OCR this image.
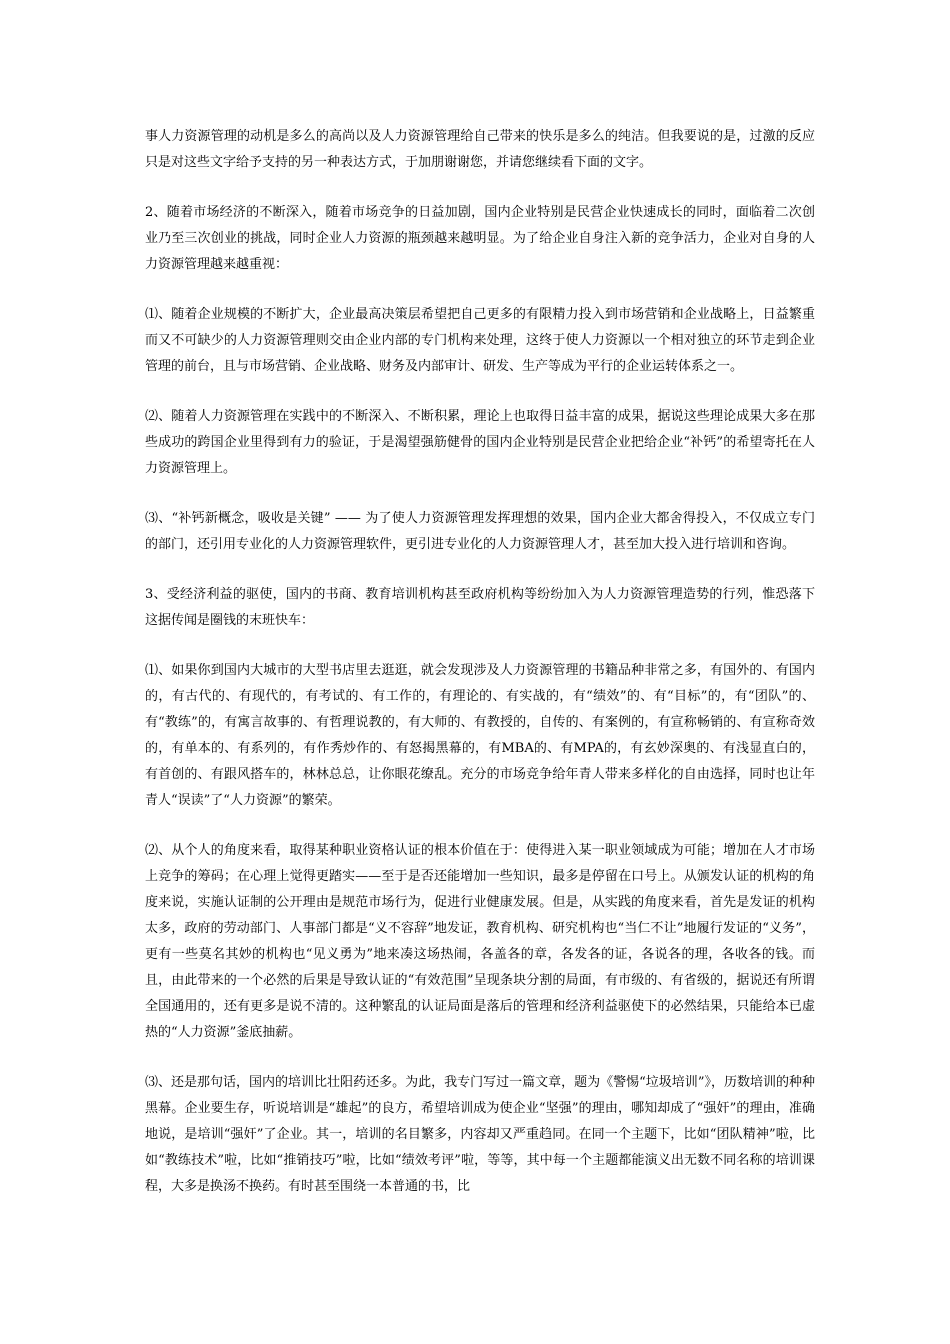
事人力资源管理的动机是多么的高尚以及人力资源管理给自己带来的快乐是多么的纯洁。但我要说的是，过激的反应只是对这些文字给予支持的另一种表达方式，于加朋谢谢您，并请您继续看下面的文字。

2、随着市场经济的不断深入，随着市场竞争的日益加剧，国内企业特别是民营企业快速成长的同时，面临着二次创业乃至三次创业的挑战，同时企业人力资源的瓶颈越来越明显。为了给企业自身注入新的竞争活力，企业对自身的人力资源管理越来越重视：

⑴、随着企业规模的不断扩大，企业最高决策层希望把自己更多的有限精力投入到市场营销和企业战略上，日益繁重而又不可缺少的人力资源管理则交由企业内部的专门机构来处理，这终于使人力资源以一个相对独立的环节走到企业管理的前台，且与市场营销、企业战略、财务及内部审计、研发、生产等成为平行的企业运转体系之一。

⑵、随着人力资源管理在实践中的不断深入、不断积累，理论上也取得日益丰富的成果，据说这些理论成果大多在那些成功的跨国企业里得到有力的验证，于是渴望强筋健骨的国内企业特别是民营企业把给企业“补钙”的希望寄托在人力资源管理上。

⑶、“补钙新概念，吸收是关键” —— 为了使人力资源管理发挥理想的效果，国内企业大都舍得投入，不仅成立专门的部门，还引用专业化的人力资源管理软件，更引进专业化的人力资源管理人才，甚至加大投入进行培训和咨询。

3、受经济利益的驱使，国内的书商、教育培训机构甚至政府机构等纷纷加入为人力资源管理造势的行列，惟恐落下这据传闻是圈钱的末班快车：

⑴、如果你到国内大城市的大型书店里去逛逛，就会发现涉及人力资源管理的书籍品种非常之多，有国外的、有国内的，有古代的、有现代的，有考试的、有工作的，有理论的、有实战的，有“绩效”的、有“目标”的，有“团队”的、有“教练”的，有寓言故事的、有哲理说教的，有大师的、有教授的，自传的、有案例的，有宣称畅销的、有宣称奇效的，有单本的、有系列的，有作秀炒作的、有怒揭黑幕的，有MBA的、有MPA的，有玄妙深奥的、有浅显直白的，有首创的、有跟风搭车的，林林总总，让你眼花缭乱。充分的市场竞争给年青人带来多样化的自由选择，同时也让年青人“误读”了“人力资源”的繁荣。

⑵、从个人的角度来看，取得某种职业资格认证的根本价值在于：使得进入某一职业领域成为可能；增加在人才市场上竞争的筹码；在心理上觉得更踏实——至于是否还能增加一些知识，最多是停留在口号上。从颁发认证的机构的角度来说，实施认证制的公开理由是规范市场行为，促进行业健康发展。但是，从实践的角度来看，首先是发证的机构太多，政府的劳动部门、人事部门都是“义不容辞”地发证，教育机构、研究机构也“当仁不让”地履行发证的“义务”，更有一些莫名其妙的机构也“见义勇为”地来凑这场热闹，各盖各的章，各发各的证，各说各的理，各收各的钱。而且，由此带来的一个必然的后果是导致认证的“有效范围”呈现条块分割的局面，有市级的、有省级的，据说还有所谓全国通用的，还有更多是说不清的。这种繁乱的认证局面是落后的管理和经济利益驱使下的必然结果，只能给本已虚热的“人力资源”釜底抽薪。

⑶、还是那句话，国内的培训比壮阳药还多。为此，我专门写过一篇文章，题为《警惕“垃圾培训”》，历数培训的种种黑幕。企业要生存，听说培训是“雄起”的良方，希望培训成为使企业“坚强”的理由，哪知却成了“强奸”的理由，准确地说，是培训“强奸”了企业。其一，培训的名目繁多，内容却又严重趋同。在同一个主题下，比如“团队精神”啦，比如“教练技术”啦，比如“推销技巧”啦，比如“绩效考评”啦，等等，其中每一个主题都能演义出无数不同名称的培训课程，大多是换汤不换药。有时甚至围绕一本普通的书，比
